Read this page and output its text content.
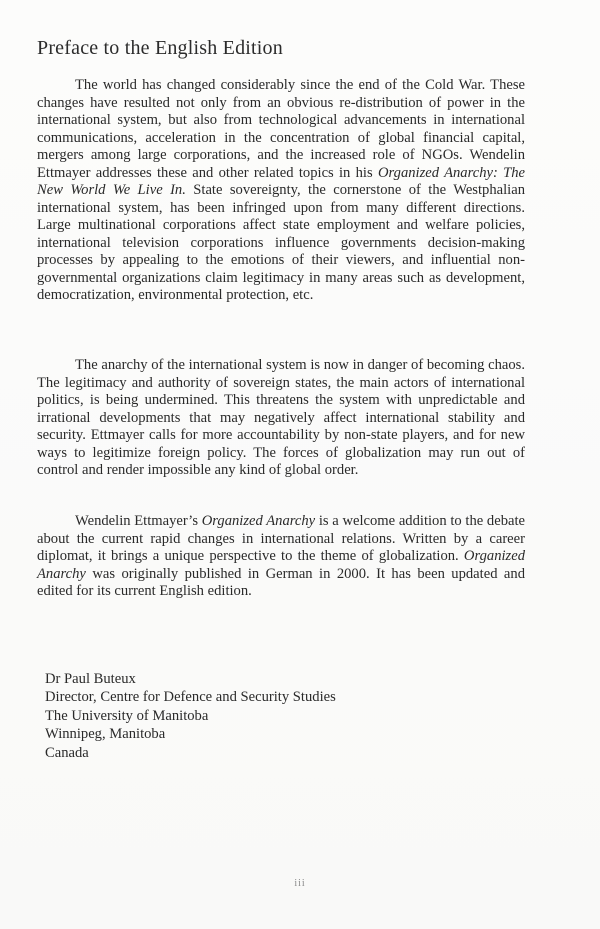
Preface to the English Edition

The world has changed considerably since the end of the Cold War. These changes have resulted not only from an obvious re-distribution of power in the international system, but also from technological advancements in international communications, acceleration in the concentration of global financial capital, mergers among large corporations, and the increased role of NGOs. Wendelin Ettmayer addresses these and other related topics in his Organized Anarchy: The New World We Live In. State sovereignty, the cornerstone of the Westphalian international system, has been infringed upon from many different directions. Large multinational corporations affect state employment and welfare policies, international television corporations influence governments decision-making processes by appealing to the emotions of their viewers, and influential non-governmental organizations claim legitimacy in many areas such as development, democratization, environmental protection, etc.

The anarchy of the international system is now in danger of becoming chaos. The legitimacy and authority of sovereign states, the main actors of international politics, is being undermined. This threatens the system with unpredictable and irrational developments that may negatively affect international stability and security. Ettmayer calls for more accountability by non-state players, and for new ways to legitimize foreign policy. The forces of globalization may run out of control and render impossible any kind of global order.

Wendelin Ettmayer’s Organized Anarchy is a welcome addition to the debate about the current rapid changes in international relations. Written by a career diplomat, it brings a unique perspective to the theme of globalization. Organized Anarchy was originally published in German in 2000. It has been updated and edited for its current English edition.

Dr Paul Buteux
Director, Centre for Defence and Security Studies
The University of Manitoba
Winnipeg, Manitoba
Canada
iii
